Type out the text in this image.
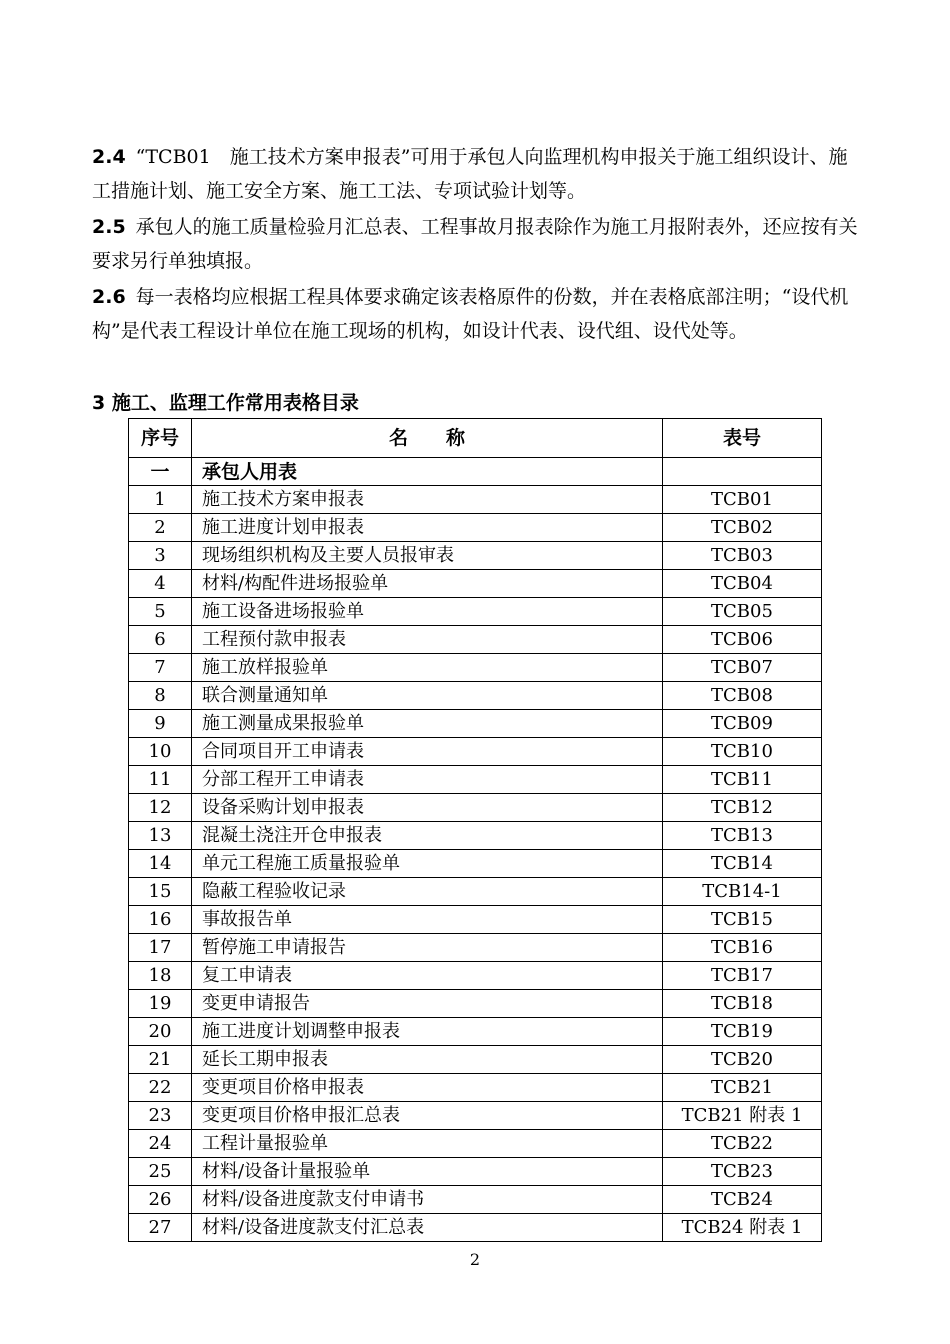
2.4 “TCB01　施工技术方案申报表”可用于承包人向监理机构申报关于施工组织设计、施工措施计划、施工安全方案、施工工法、专项试验计划等。
2.5 承包人的施工质量检验月汇总表、工程事故月报表除作为施工月报附表外，还应按有关要求另行单独填报。
2.6 每一表格均应根据工程具体要求确定该表格原件的份数，并在表格底部注明；“设代机构”是代表工程设计单位在施工现场的机构，如设计代表、设代组、设代处等。
3 施工、监理工作常用表格目录
序号	名　　称	表号
一	承包人用表	
1	施工技术方案申报表	TCB01
2	施工进度计划申报表	TCB02
3	现场组织机构及主要人员报审表	TCB03
4	材料/构配件进场报验单	TCB04
5	施工设备进场报验单	TCB05
6	工程预付款申报表	TCB06
7	施工放样报验单	TCB07
8	联合测量通知单	TCB08
9	施工测量成果报验单	TCB09
10	合同项目开工申请表	TCB10
11	分部工程开工申请表	TCB11
12	设备采购计划申报表	TCB12
13	混凝土浇注开仓申报表	TCB13
14	单元工程施工质量报验单	TCB14
15	隐蔽工程验收记录	TCB14-1
16	事故报告单	TCB15
17	暂停施工申请报告	TCB16
18	复工申请表	TCB17
19	变更申请报告	TCB18
20	施工进度计划调整申报表	TCB19
21	延长工期申报表	TCB20
22	变更项目价格申报表	TCB21
23	变更项目价格申报汇总表	TCB21 附表 1
24	工程计量报验单	TCB22
25	材料/设备计量报验单	TCB23
26	材料/设备进度款支付申请书	TCB24
27	材料/设备进度款支付汇总表	TCB24 附表 1
2
